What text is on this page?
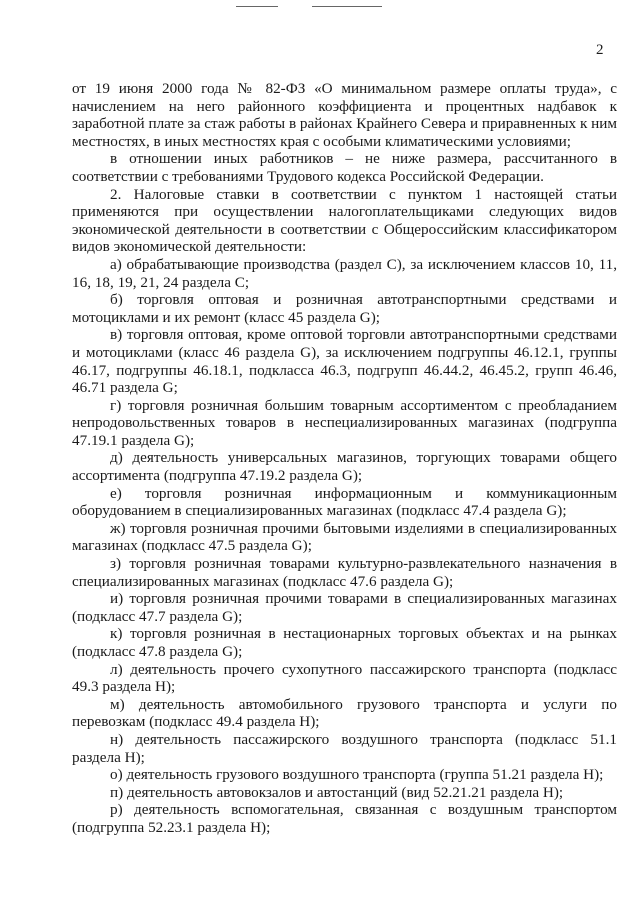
2

от 19 июня 2000 года № 82-ФЗ «О минимальном размере оплаты труда», с начислением на него районного коэффициента и процентных надбавок к заработной плате за стаж работы в районах Крайнего Севера и приравненных к ним местностях, в иных местностях края с особыми климатическими условиями;

в отношении иных работников – не ниже размера, рассчитанного в соответствии с требованиями Трудового кодекса Российской Федерации.

2. Налоговые ставки в соответствии с пунктом 1 настоящей статьи применяются при осуществлении налогоплательщиками следующих видов экономической деятельности в соответствии с Общероссийским классификатором видов экономической деятельности:

а) обрабатывающие производства (раздел С), за исключением классов 10, 11, 16, 18, 19, 21, 24 раздела С;

б) торговля оптовая и розничная автотранспортными средствами и мотоциклами и их ремонт (класс 45 раздела G);

в) торговля оптовая, кроме оптовой торговли автотранспортными средствами и мотоциклами (класс 46 раздела G), за исключением подгруппы 46.12.1, группы 46.17, подгруппы 46.18.1, подкласса 46.3, подгрупп 46.44.2, 46.45.2, групп 46.46, 46.71 раздела G;

г) торговля розничная большим товарным ассортиментом с преобладанием непродовольственных товаров в неспециализированных магазинах (подгруппа 47.19.1 раздела G);

д) деятельность универсальных магазинов, торгующих товарами общего ассортимента (подгруппа 47.19.2 раздела G);

е) торговля розничная информационным и коммуникационным оборудованием в специализированных магазинах (подкласс 47.4 раздела G);

ж) торговля розничная прочими бытовыми изделиями в специализированных магазинах (подкласс 47.5 раздела G);

з) торговля розничная товарами культурно-развлекательного назначения в специализированных магазинах (подкласс 47.6 раздела G);

и) торговля розничная прочими товарами в специализированных магазинах (подкласс 47.7 раздела G);

к) торговля розничная в нестационарных торговых объектах и на рынках (подкласс 47.8 раздела G);

л) деятельность прочего сухопутного пассажирского транспорта (подкласс 49.3 раздела Н);

м) деятельность автомобильного грузового транспорта и услуги по перевозкам (подкласс 49.4 раздела Н);

н) деятельность пассажирского воздушного транспорта (подкласс 51.1 раздела Н);

о) деятельность грузового воздушного транспорта (группа 51.21 раздела Н);

п) деятельность автовокзалов и автостанций (вид 52.21.21 раздела Н);

р) деятельность вспомогательная, связанная с воздушным транспортом (подгруппа 52.23.1 раздела Н);
